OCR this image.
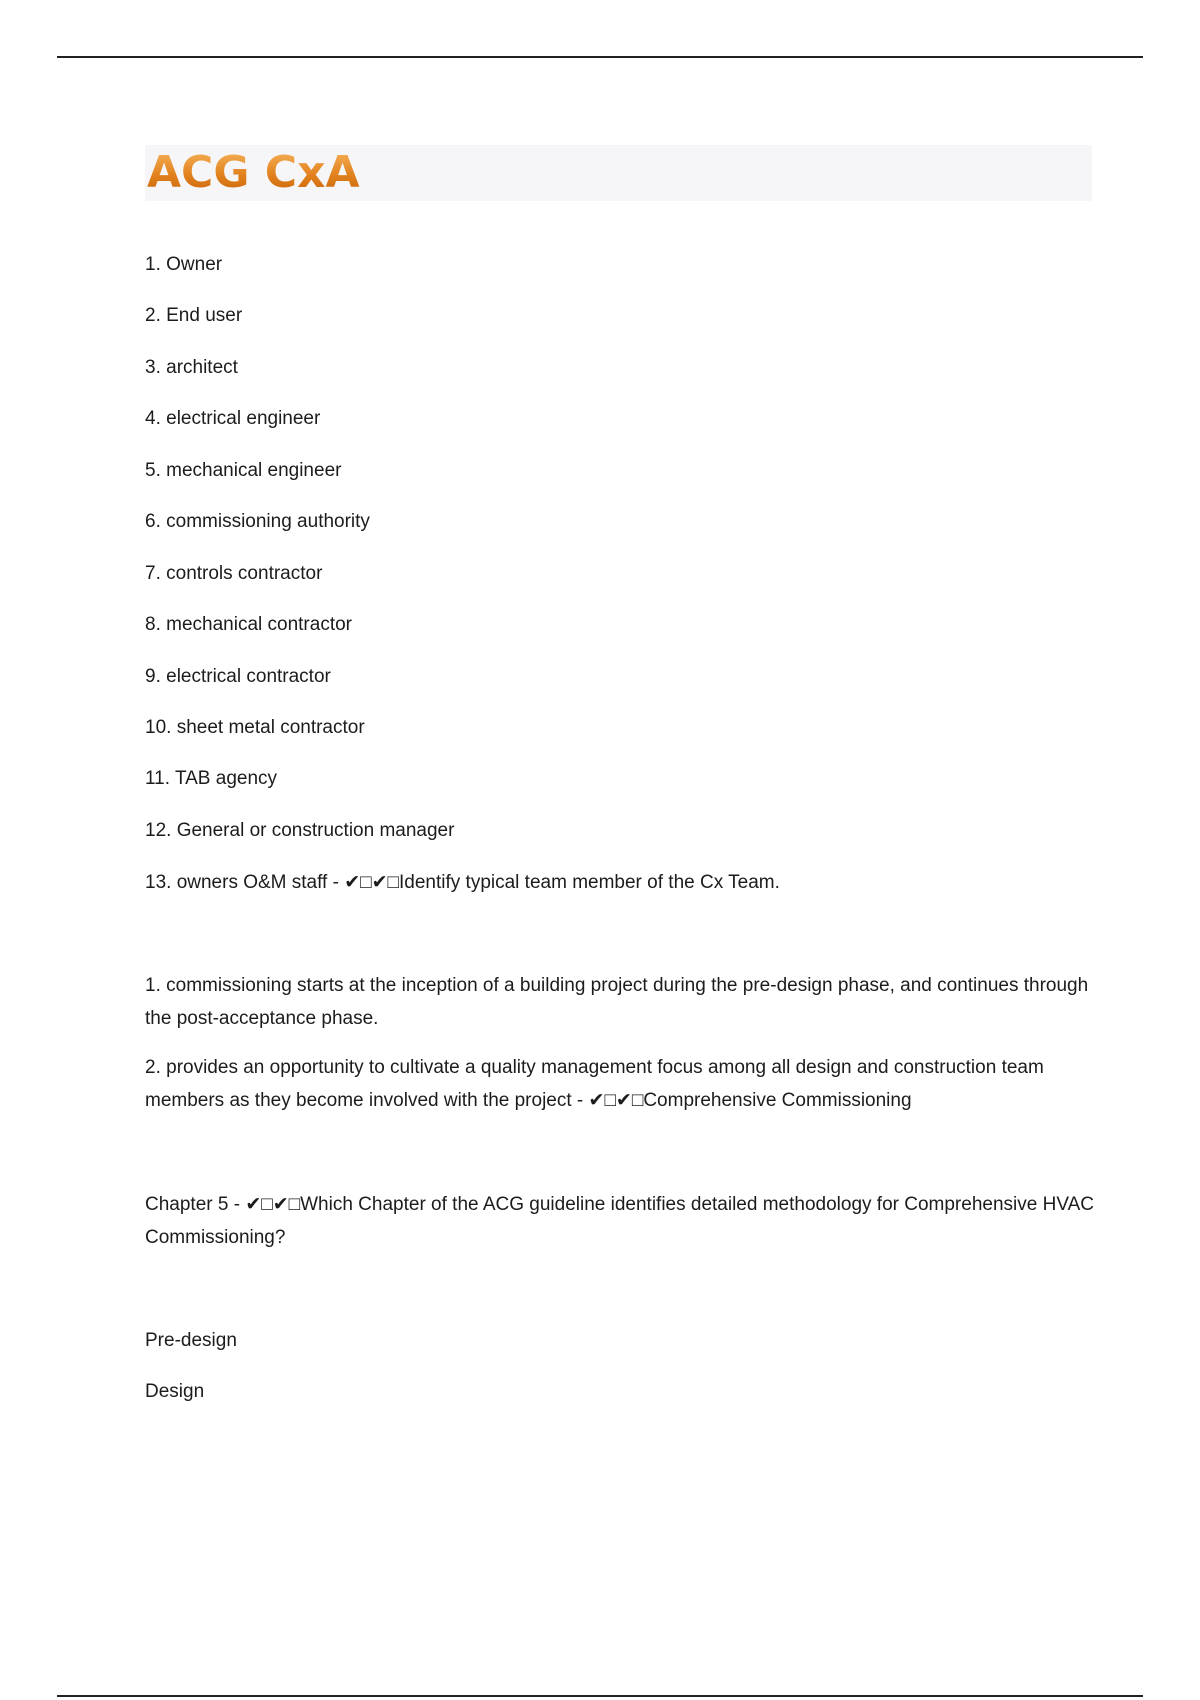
ACG CxA
1. Owner
2. End user
3. architect
4. electrical engineer
5. mechanical engineer
6. commissioning authority
7. controls contractor
8. mechanical contractor
9. electrical contractor
10. sheet metal contractor
11. TAB agency
12. General or construction manager
13. owners O&M staff - ✔□✔□Identify typical team member of the Cx Team.
1. commissioning starts at the inception of a building project during the pre-design phase, and continues through the post-acceptance phase.
2. provides an opportunity to cultivate a quality management focus among all design and construction team members as they become involved with the project - ✔□✔□Comprehensive Commissioning
Chapter 5 - ✔□✔□Which Chapter of the ACG guideline identifies detailed methodology for Comprehensive HVAC Commissioning?
Pre-design
Design
